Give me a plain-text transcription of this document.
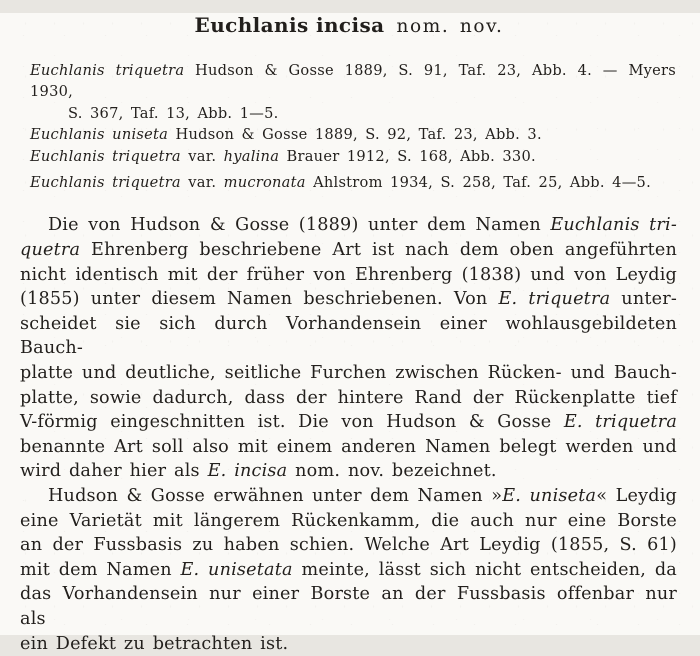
Euchlanis incisa nom. nov.
Euchlanis triquetra Hudson & Gosse 1889, S. 91, Taf. 23, Abb. 4. — Myers 1930,
S. 367, Taf. 13, Abb. 1—5.
Euchlanis uniseta Hudson & Gosse 1889, S. 92, Taf. 23, Abb. 3.
Euchlanis triquetra var. hyalina Brauer 1912, S. 168, Abb. 330.
Euchlanis triquetra var. mucronata Ahlstrom 1934, S. 258, Taf. 25, Abb. 4—5.
Die von Hudson & Gosse (1889) unter dem Namen Euchlanis tri-
quetra Ehrenberg beschriebene Art ist nach dem oben angeführten
nicht identisch mit der früher von Ehrenberg (1838) und von Leydig
(1855) unter diesem Namen beschriebenen. Von E. triquetra unter-
scheidet sie sich durch Vorhandensein einer wohlausgebildeten Bauch-
platte und deutliche, seitliche Furchen zwischen Rücken- und Bauch-
platte, sowie dadurch, dass der hintere Rand der Rückenplatte tief
V-förmig eingeschnitten ist. Die von Hudson & Gosse E. triquetra
benannte Art soll also mit einem anderen Namen belegt werden und
wird daher hier als E. incisa nom. nov. bezeichnet.
Hudson & Gosse erwähnen unter dem Namen »E. uniseta« Leydig
eine Varietät mit längerem Rückenkamm, die auch nur eine Borste
an der Fussbasis zu haben schien. Welche Art Leydig (1855, S. 61)
mit dem Namen E. unisetata meinte, lässt sich nicht entscheiden, da
das Vorhandensein nur einer Borste an der Fussbasis offenbar nur als
ein Defekt zu betrachten ist.
